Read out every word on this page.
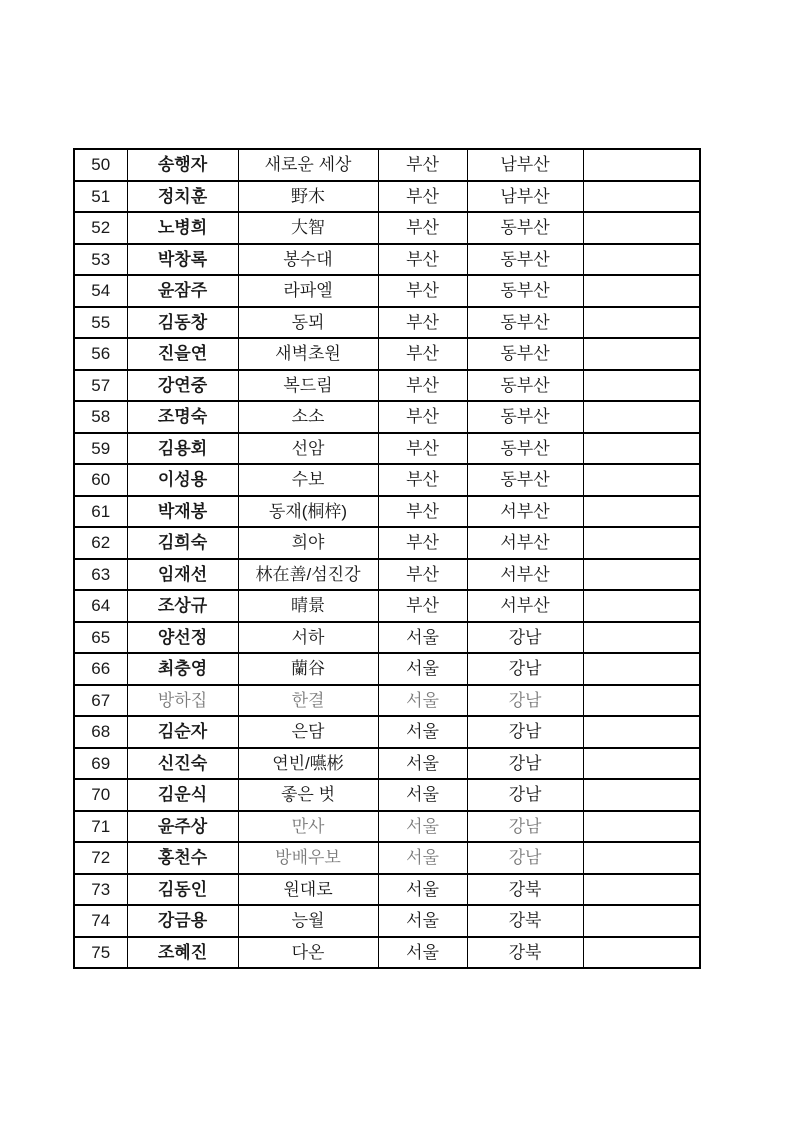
50	송행자	새로운 세상	부산	남부산	
51	정치훈	野木	부산	남부산	
52	노병희	大智	부산	동부산	
53	박창록	봉수대	부산	동부산	
54	윤잠주	라파엘	부산	동부산	
55	김동창	동뫼	부산	동부산	
56	진을연	새벽초원	부산	동부산	
57	강연중	복드림	부산	동부산	
58	조명숙	소소	부산	동부산	
59	김용회	선암	부산	동부산	
60	이성용	수보	부산	동부산	
61	박재봉	동재(桐梓)	부산	서부산	
62	김희숙	희야	부산	서부산	
63	임재선	林在善/섬진강	부산	서부산	
64	조상규	晴景	부산	서부산	
65	양선정	서하	서울	강남	
66	최충영	蘭谷	서울	강남	
67	방하집	한결	서울	강남	
68	김순자	은담	서울	강남	
69	신진숙	연빈/嚥彬	서울	강남	
70	김운식	좋은 벗	서울	강남	
71	윤주상	만사	서울	강남	
72	홍천수	방배우보	서울	강남	
73	김동인	원대로	서울	강북	
74	강금용	능월	서울	강북	
75	조혜진	다온	서울	강북	
